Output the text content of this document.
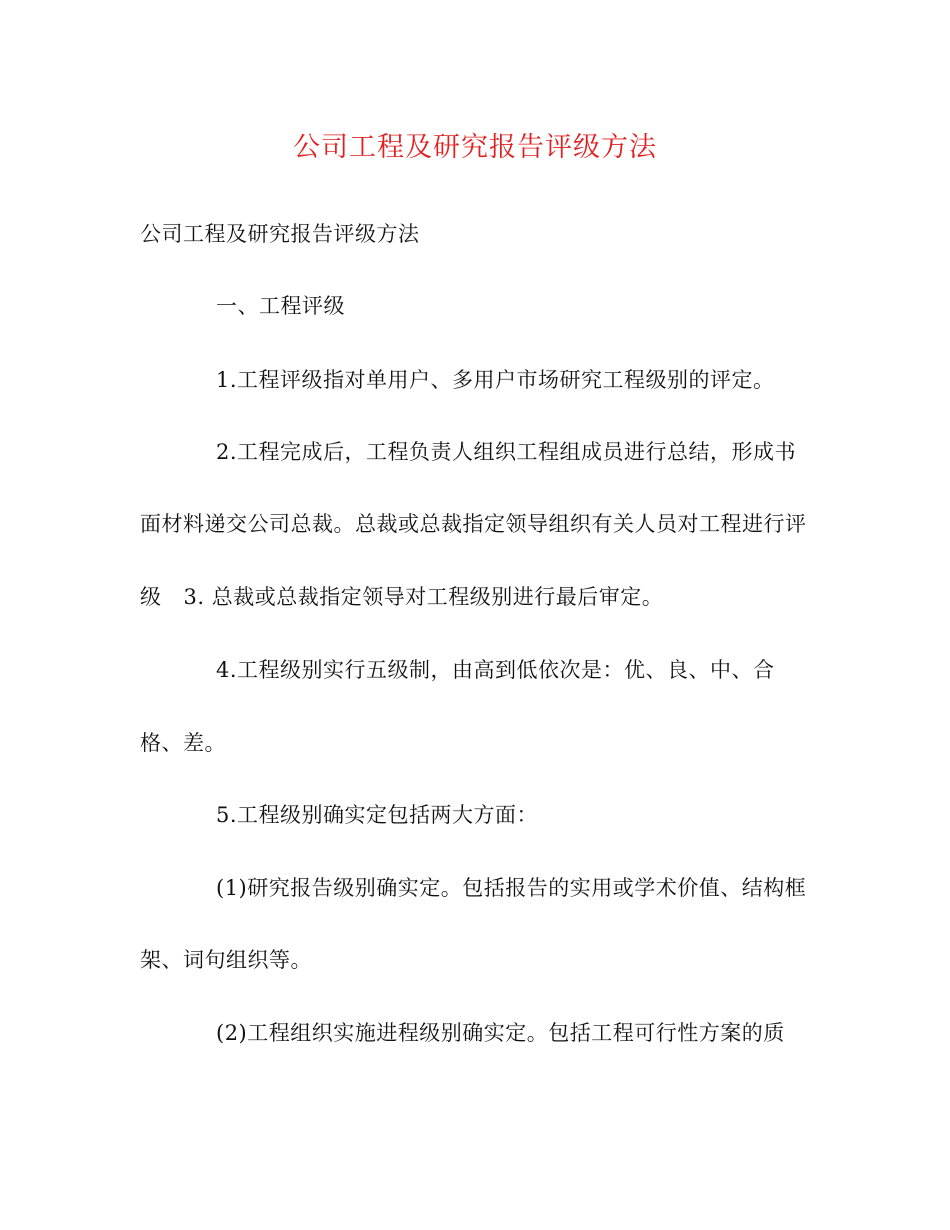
公司工程及研究报告评级方法
公司工程及研究报告评级方法
一、工程评级
1.工程评级指对单用户、多用户市场研究工程级别的评定。
2.工程完成后，工程负责人组织工程组成员进行总结，形成书
面材料递交公司总裁。总裁或总裁指定领导组织有关人员对工程进行评
级 3. 总裁或总裁指定领导对工程级别进行最后审定。
4.工程级别实行五级制，由高到低依次是：优、良、中、合
格、差。
5.工程级别确实定包括两大方面：
(1)研究报告级别确实定。包括报告的实用或学术价值、结构框
架、词句组织等。
(2)工程组织实施进程级别确实定。包括工程可行性方案的质
